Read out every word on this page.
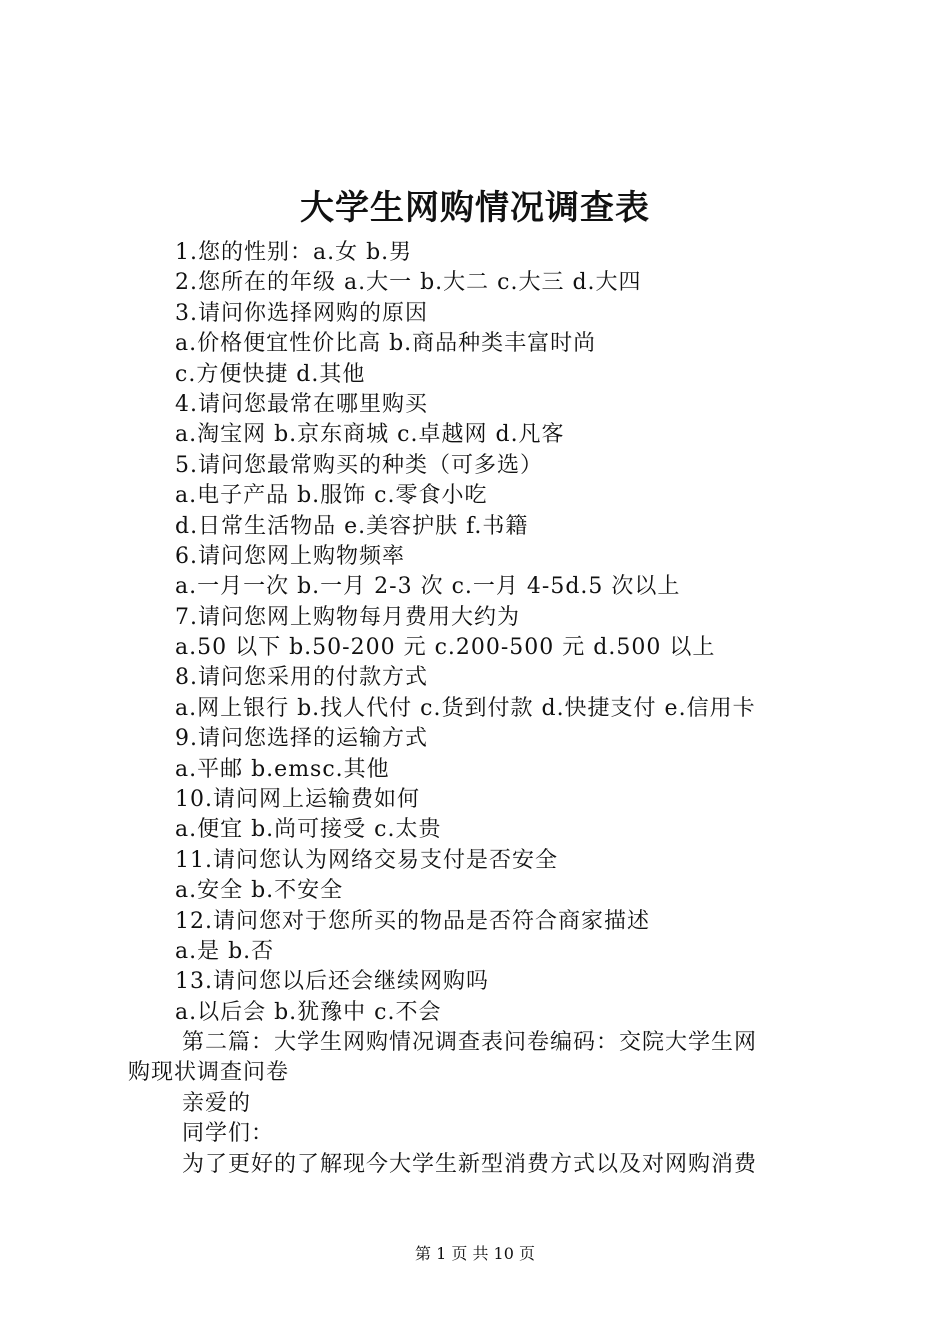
大学生网购情况调查表
1.您的性别：a.女 b.男
2.您所在的年级 a.大一 b.大二 c.大三 d.大四
3.请问你选择网购的原因
a.价格便宜性价比高 b.商品种类丰富时尚
c.方便快捷 d.其他
4.请问您最常在哪里购买
a.淘宝网 b.京东商城 c.卓越网 d.凡客
5.请问您最常购买的种类（可多选）
a.电子产品 b.服饰 c.零食小吃
d.日常生活物品 e.美容护肤 f.书籍
6.请问您网上购物频率
a.一月一次 b.一月 2-3 次 c.一月 4-5d.5 次以上
7.请问您网上购物每月费用大约为
a.50 以下 b.50-200 元 c.200-500 元 d.500 以上
8.请问您采用的付款方式
a.网上银行 b.找人代付 c.货到付款 d.快捷支付 e.信用卡
9.请问您选择的运输方式
a.平邮 b.emsc.其他
10.请问网上运输费如何
a.便宜 b.尚可接受 c.太贵
11.请问您认为网络交易支付是否安全
a.安全 b.不安全
12.请问您对于您所买的物品是否符合商家描述
a.是 b.否
13.请问您以后还会继续网购吗
a.以后会 b.犹豫中 c.不会
第二篇：大学生网购情况调查表问卷编码：交院大学生网
购现状调查问卷
亲爱的
同学们：
为了更好的了解现今大学生新型消费方式以及对网购消费
第 1 页 共 10 页
